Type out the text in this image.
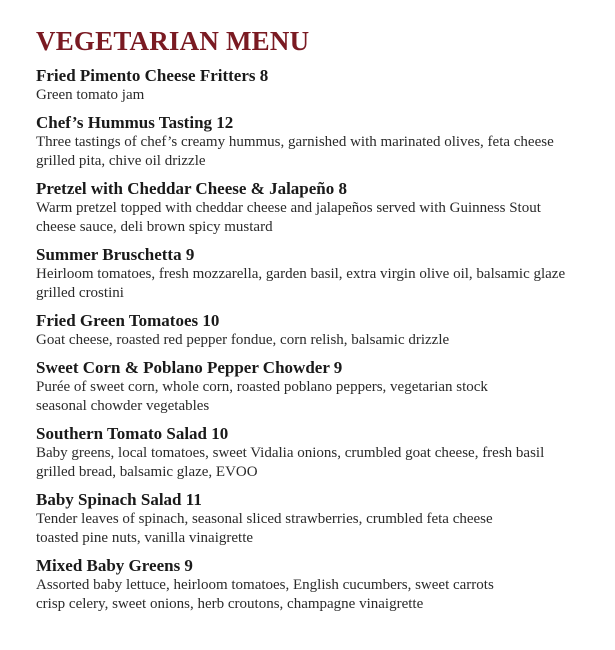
VEGETARIAN MENU
Fried Pimento Cheese Fritters 8
Green tomato jam
Chef’s Hummus Tasting 12
Three tastings of chef’s creamy hummus, garnished with marinated olives, feta cheese
grilled pita, chive oil drizzle
Pretzel with Cheddar Cheese & Jalapeño 8
Warm pretzel topped with cheddar cheese and jalapeños served with Guinness Stout
cheese sauce, deli brown spicy mustard
Summer Bruschetta 9
Heirloom tomatoes, fresh mozzarella, garden basil, extra virgin olive oil, balsamic glaze
grilled crostini
Fried Green Tomatoes 10
Goat cheese, roasted red pepper fondue, corn relish, balsamic drizzle
Sweet Corn & Poblano Pepper Chowder 9
Purée of sweet corn, whole corn, roasted poblano peppers, vegetarian stock
seasonal chowder vegetables
Southern Tomato Salad 10
Baby greens, local tomatoes, sweet Vidalia onions, crumbled goat cheese, fresh basil
grilled bread, balsamic glaze, EVOO
Baby Spinach Salad 11
Tender leaves of spinach, seasonal sliced strawberries, crumbled feta cheese
toasted pine nuts, vanilla vinaigrette
Mixed Baby Greens 9
Assorted baby lettuce, heirloom tomatoes, English cucumbers, sweet carrots
crisp celery, sweet onions, herb croutons, champagne vinaigrette
